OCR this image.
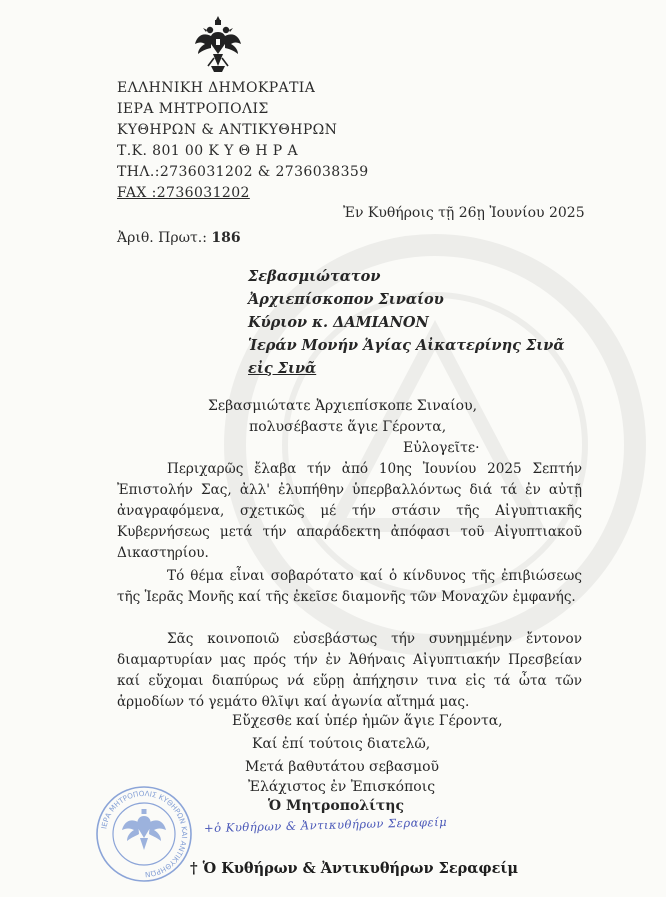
ΕΛΛΗΝΙΚΗ ΔΗΜΟΚΡΑΤΙΑ
ΙΕΡΑ ΜΗΤΡΟΠΟΛΙΣ
ΚΥΘΗΡΩΝ & ΑΝΤΙΚΥΘΗΡΩΝ
Τ.Κ. 801 00 Κ Υ Θ Η Ρ Α
ΤΗΛ.:2736031202 & 2736038359
FAX :2736031202
Ἐν Κυθήροις τῇ 26ῃ Ἰουνίου 2025
Ἀριθ. Πρωτ.: 186
Σεβασμιώτατον
Ἀρχιεπίσκοπον Σιναίου
Κύριον κ. ΔΑΜΙΑΝΟΝ
Ἱεράν Μονήν Ἁγίας Αἰκατερίνης Σινᾶ
εἰς Σινᾶ
Σεβασμιώτατε Ἀρχιεπίσκοπε Σιναίου,
πολυσέβαστε ἅγιε Γέροντα,
Εὐλογεῖτε·
Περιχαρῶς ἔλαβα τήν ἀπό 10ης Ἰουνίου 2025 Σεπτήν Ἐπιστολήν Σας, ἀλλ' ἐλυπήθην ὑπερβαλλόντως διά τά ἐν αὐτῇ ἀναγραφόμενα, σχετικῶς μέ τήν στάσιν τῆς Αἰγυπτιακῆς Κυβερνήσεως μετά τήν απαράδεκτη ἀπόφασι τοῦ Αἰγυπτιακοῦ Δικαστηρίου.
Τό θέμα εἶναι σοβαρότατο καί ὁ κίνδυνος τῆς ἐπιβιώσεως τῆς Ἱερᾶς Μονῆς καί τῆς ἐκεῖσε διαμονῆς τῶν Μοναχῶν ἐμφανής.
Σᾶς κοινοποιῶ εὐσεβάστως τήν συνημμένην ἔντονον διαμαρτυρίαν μας πρός τήν ἐν Ἀθήναις Αἰγυπτιακήν Πρεσβείαν καί εὔχομαι διαπύρως νά εὕρῃ ἀπήχησιν τινα εἰς τά ὦτα τῶν ἁρμοδίων τό γεμάτο θλῖψι καί ἀγωνία αἴτημά μας.
Εὔχεσθε καί ὑπέρ ἡμῶν ἅγιε Γέροντα,
Καί ἐπί τούτοις διατελῶ,
Μετά βαθυτάτου σεβασμοῦ
Ἐλάχιστος ἐν Ἐπισκόποις
Ὁ Μητροπολίτης
ΙΕΡΑ ΜΗΤΡΟΠΟΛΙΣ ΚΥΘΗΡΩΝ ΚΑΙ ΑΝΤΙΚΥΘΗΡΩΝ
+ὁ Κυθήρων & Ἀντικυθήρων Σεραφείμ
† Ὁ Κυθήρων & Ἀντικυθήρων Σεραφείμ
